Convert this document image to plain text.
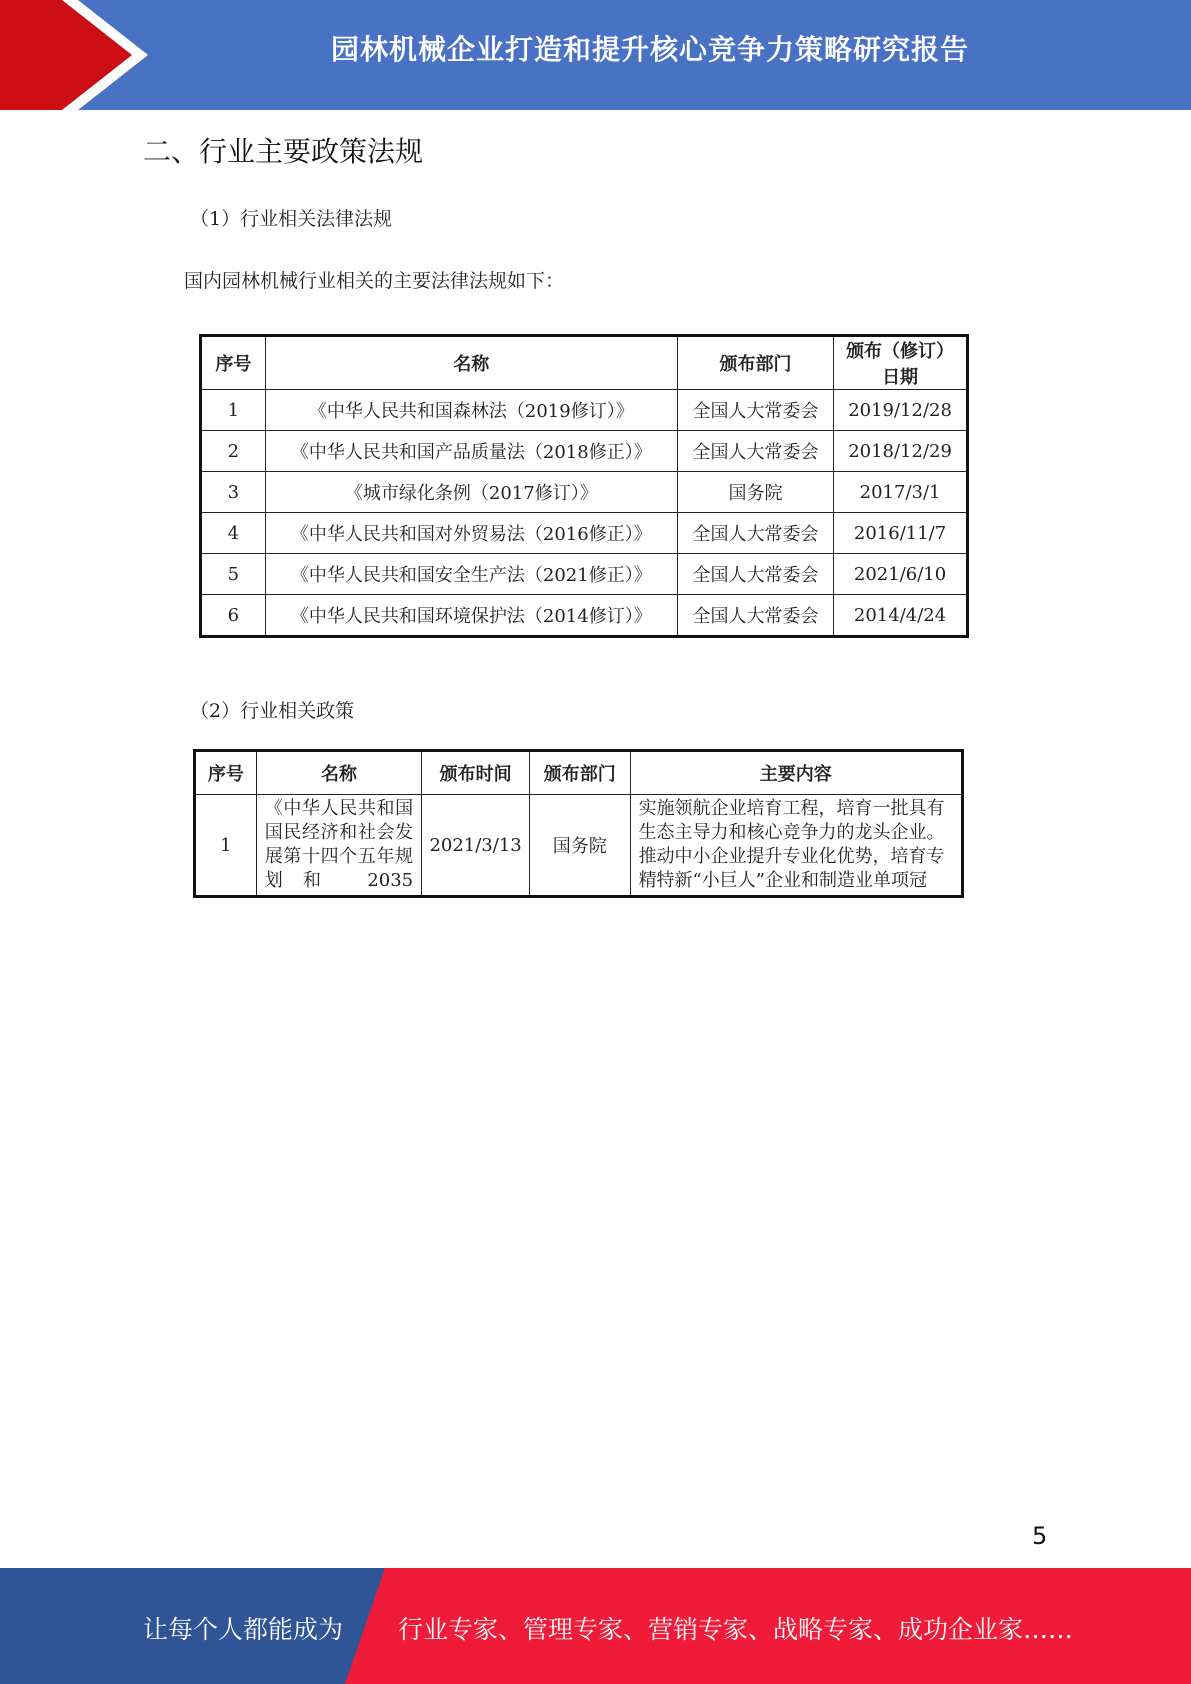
园林机械企业打造和提升核心竞争力策略研究报告
二、行业主要政策法规
（1）行业相关法律法规
国内园林机械行业相关的主要法律法规如下：
序号	名称	颁布部门	颁布（修订）
日期

1	《中华人民共和国森林法（2019修订）》	全国人大常委会	2019/12/28
2	《中华人民共和国产品质量法（2018修正）》	全国人大常委会	2018/12/29
3	《城市绿化条例（2017修订）》	国务院	2017/3/1
4	《中华人民共和国对外贸易法（2016修正）》	全国人大常委会	2016/11/7
5	《中华人民共和国安全生产法（2021修正）》	全国人大常委会	2021/6/10
6	《中华人民共和国环境保护法（2014修订）》	全国人大常委会	2014/4/24
（2）行业相关政策
序号	名称	颁布时间	颁布部门	主要内容
1	《中华人民共和国国民经济和社会发展第十四个五年规划和 2035	2021/3/13	国务院	实施领航企业培育工程，培育一批具有生态主导力和核心竞争力的龙头企业。推动中小企业提升专业化优势，培育专精特新“小巨人”企业和制造业单项冠
5
让每个人都能成为 行业专家、管理专家、营销专家、战略专家、成功企业家……
